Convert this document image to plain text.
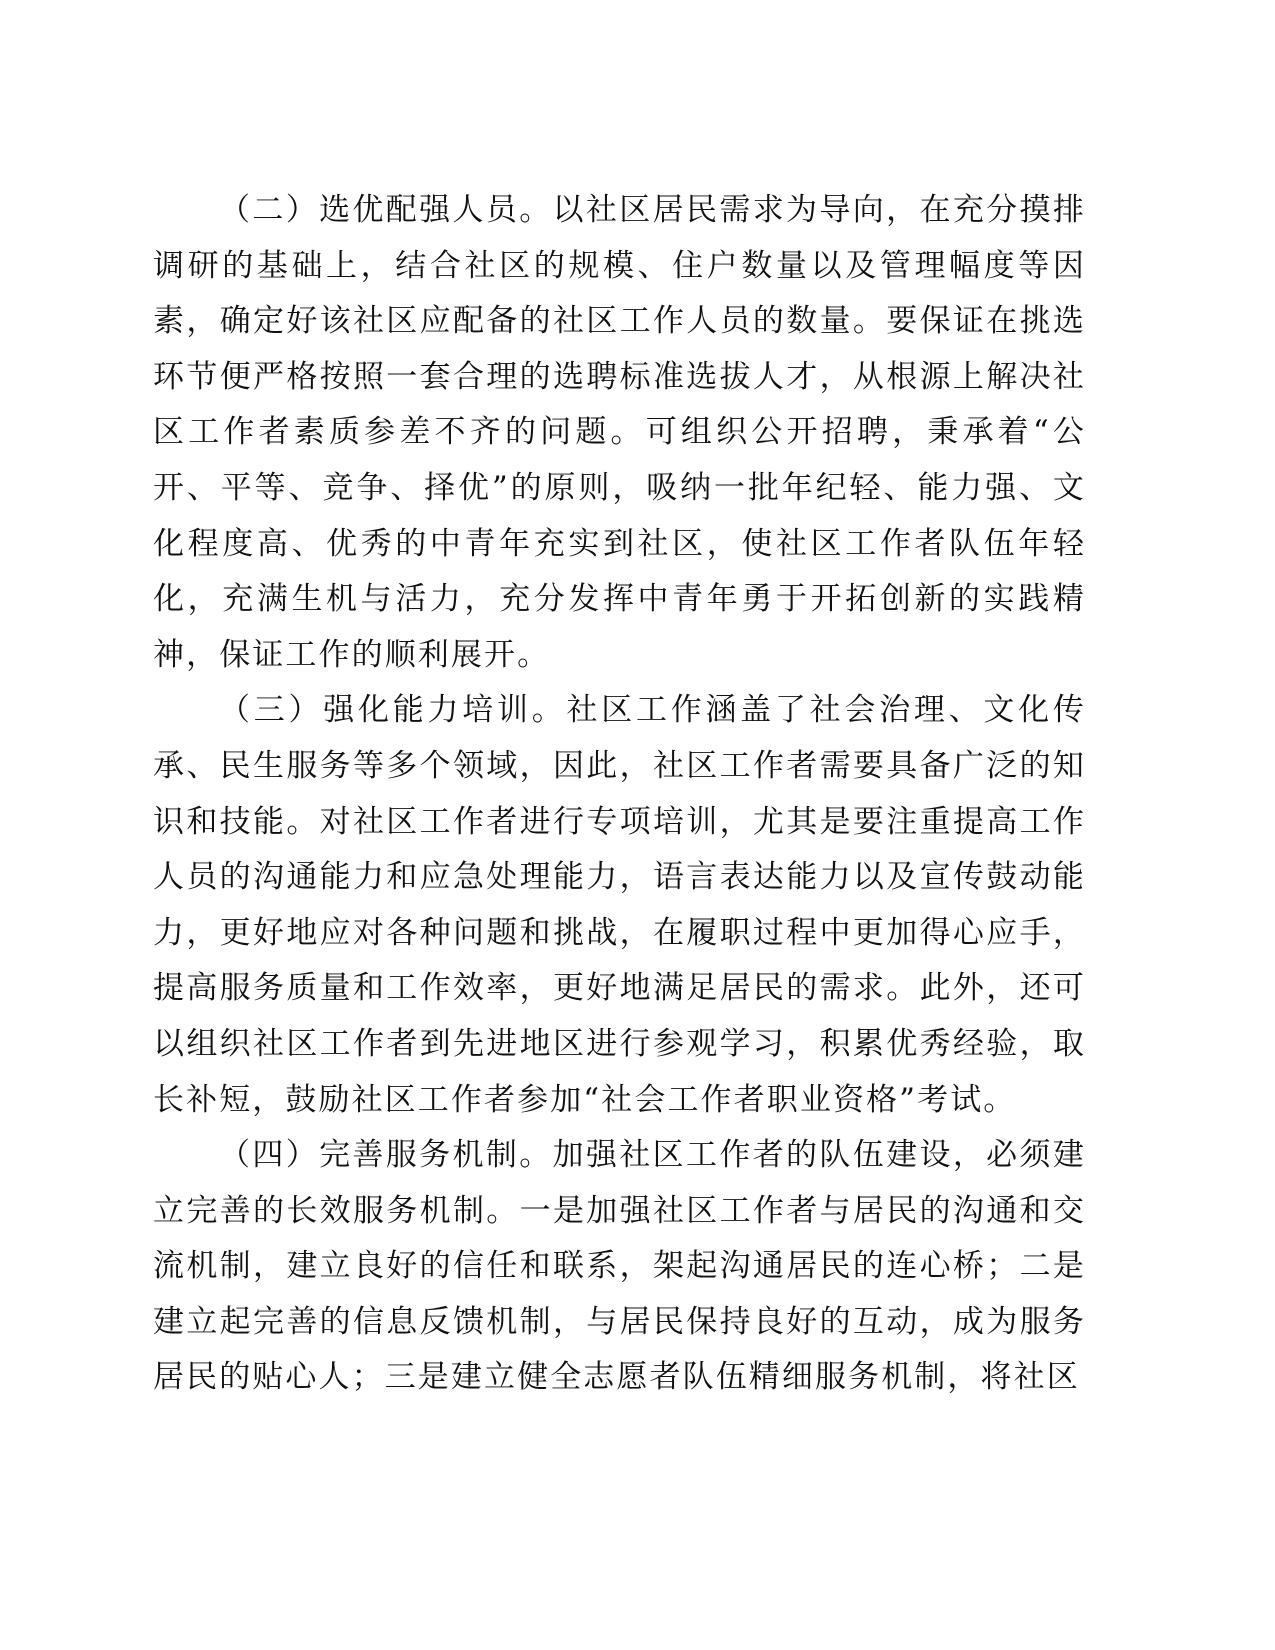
（二）选优配强人员。以社区居民需求为导向，在充分摸排调研的基础上，结合社区的规模、住户数量以及管理幅度等因素，确定好该社区应配备的社区工作人员的数量。要保证在挑选环节便严格按照一套合理的选聘标准选拔人才，从根源上解决社区工作者素质参差不齐的问题。可组织公开招聘，秉承着“公开、平等、竞争、择优”的原则，吸纳一批年纪轻、能力强、文化程度高、优秀的中青年充实到社区，使社区工作者队伍年轻化，充满生机与活力，充分发挥中青年勇于开拓创新的实践精神，保证工作的顺利展开。

（三）强化能力培训。社区工作涵盖了社会治理、文化传承、民生服务等多个领域，因此，社区工作者需要具备广泛的知识和技能。对社区工作者进行专项培训，尤其是要注重提高工作人员的沟通能力和应急处理能力，语言表达能力以及宣传鼓动能力，更好地应对各种问题和挑战，在履职过程中更加得心应手，提高服务质量和工作效率，更好地满足居民的需求。此外，还可以组织社区工作者到先进地区进行参观学习，积累优秀经验，取长补短，鼓励社区工作者参加“社会工作者职业资格”考试。

（四）完善服务机制。加强社区工作者的队伍建设，必须建立完善的长效服务机制。一是加强社区工作者与居民的沟通和交流机制，建立良好的信任和联系，架起沟通居民的连心桥；二是建立起完善的信息反馈机制，与居民保持良好的互动，成为服务居民的贴心人；三是建立健全志愿者队伍精细服务机制，将社区
